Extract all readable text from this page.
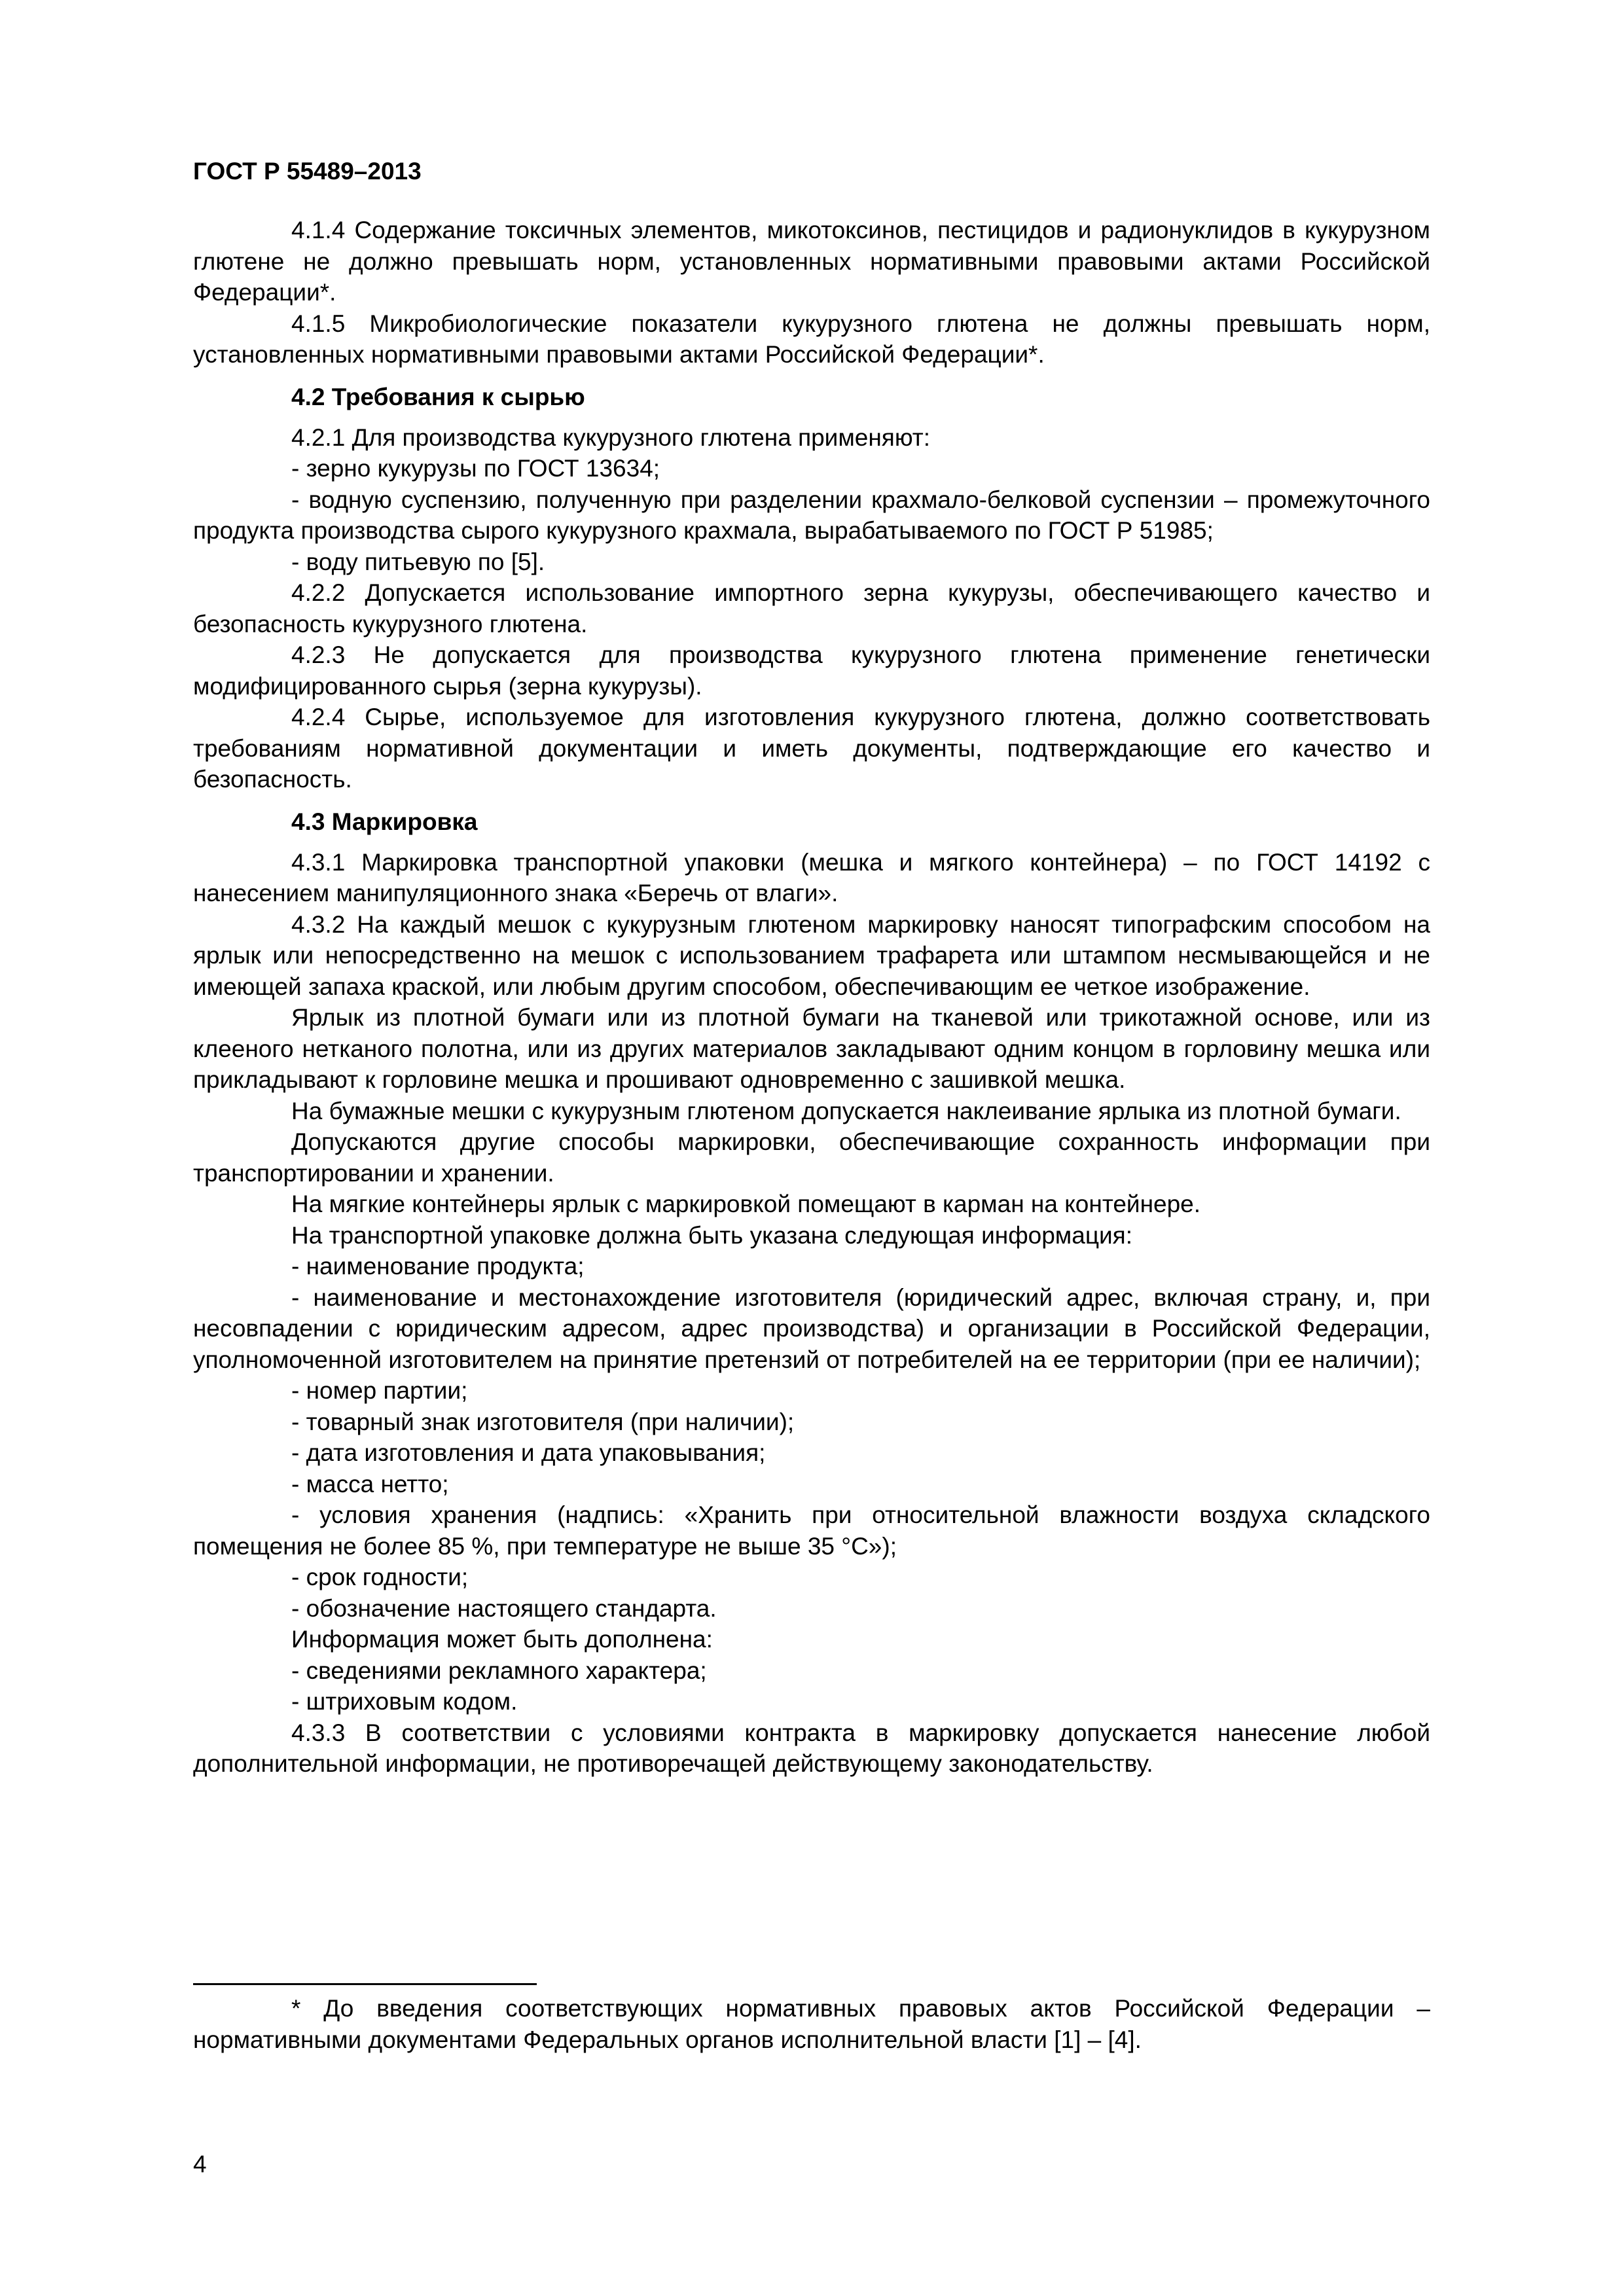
ГОСТ Р 55489–2013

4.1.4 Содержание токсичных элементов, микотоксинов, пестицидов и радионуклидов в кукурузном глютене не должно превышать норм, установленных нормативными правовыми актами Российской Федерации*.

4.1.5 Микробиологические показатели кукурузного глютена не должны превышать норм, установленных нормативными правовыми актами Российской Федерации*.

4.2 Требования к сырью

4.2.1 Для производства кукурузного глютена применяют:

- зерно кукурузы по ГОСТ 13634;

- водную суспензию, полученную при разделении крахмало-белковой суспензии – промежуточного продукта производства сырого кукурузного крахмала, вырабатываемого по ГОСТ Р 51985;

- воду питьевую по [5].

4.2.2 Допускается использование импортного зерна кукурузы, обеспечивающего качество и безопасность кукурузного глютена.

4.2.3 Не допускается для производства кукурузного глютена применение генетически модифицированного сырья (зерна кукурузы).

4.2.4 Сырье, используемое для изготовления кукурузного глютена, должно соответствовать требованиям нормативной документации и иметь документы, подтверждающие его качество и безопасность.

4.3 Маркировка

4.3.1 Маркировка транспортной упаковки (мешка и мягкого контейнера) – по ГОСТ 14192 с нанесением манипуляционного знака «Беречь от влаги».

4.3.2 На каждый мешок с кукурузным глютеном маркировку наносят типографским способом на ярлык или непосредственно на мешок с использованием трафарета или штампом несмывающейся и не имеющей запаха краской, или любым другим способом, обеспечивающим ее четкое изображение.

Ярлык из плотной бумаги или из плотной бумаги на тканевой или трикотажной основе, или из клееного нетканого полотна, или из других материалов закладывают одним концом в горловину мешка или прикладывают к горловине мешка и прошивают одновременно с зашивкой мешка.

На бумажные мешки с кукурузным глютеном допускается наклеивание ярлыка из плотной бумаги.

Допускаются другие способы маркировки, обеспечивающие сохранность информации при транспортировании и хранении.

На мягкие контейнеры ярлык с маркировкой помещают в карман на контейнере.

На транспортной упаковке должна быть указана следующая информация:

- наименование продукта;

- наименование и местонахождение изготовителя (юридический адрес, включая страну, и, при несовпадении с юридическим адресом, адрес производства) и организации в Российской Федерации, уполномоченной изготовителем на принятие претензий от потребителей на ее территории (при ее наличии);

- номер партии;

- товарный знак изготовителя (при наличии);

- дата изготовления и дата упаковывания;

- масса нетто;

- условия хранения (надпись: «Хранить при относительной влажности воздуха складского помещения не более 85 %, при температуре не выше 35 °С»);

- срок годности;

- обозначение настоящего стандарта.

Информация может быть дополнена:

- сведениями рекламного характера;

- штриховым кодом.

4.3.3 В соответствии с условиями контракта в маркировку допускается нанесение любой дополнительной информации, не противоречащей действующему законодательству.

* До введения соответствующих нормативных правовых актов Российской Федерации – нормативными документами Федеральных органов исполнительной власти [1] – [4].

4
